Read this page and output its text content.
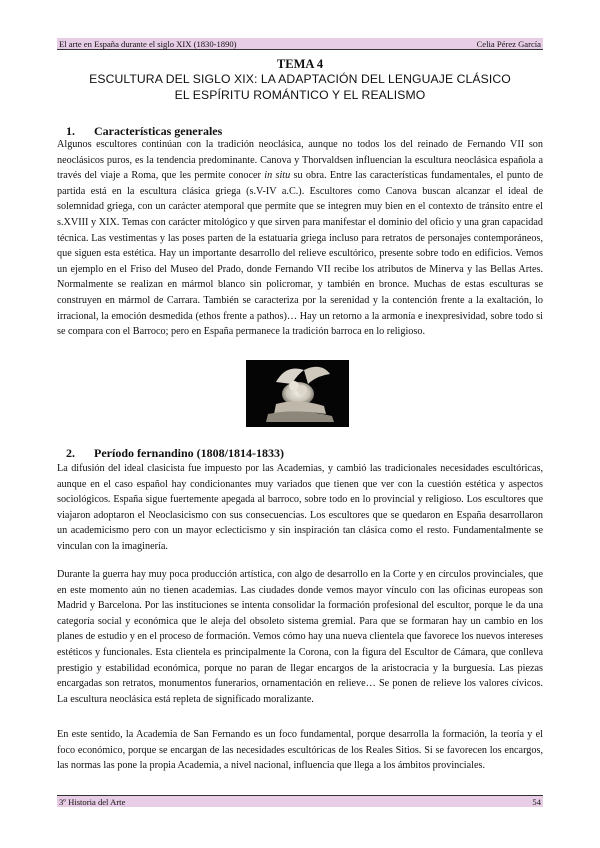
El arte en España durante el siglo XIX (1830-1890)	Celia Pérez García
TEMA 4
ESCULTURA DEL SIGLO XIX: LA ADAPTACIÓN DEL LENGUAJE CLÁSICO
EL ESPÍRITU ROMÁNTICO Y EL REALISMO
1.	Características generales

Algunos escultores continúan con la tradición neoclásica, aunque no todos los del reinado de Fernando VII son neoclásicos puros, es la tendencia predominante. Canova y Thorvaldsen influencian la escultura neoclásica española a través del viaje a Roma, que les permite conocer in situ su obra. Entre las características fundamentales, el punto de partida está en la escultura clásica griega (s.V-IV a.C.). Escultores como Canova buscan alcanzar el ideal de solemnidad griega, con un carácter atemporal que permite que se integren muy bien en el contexto de tránsito entre el s.XVIII y XIX. Temas con carácter mitológico y que sirven para manifestar el dominio del oficio y una gran capacidad técnica. Las vestimentas y las poses parten de la estatuaria griega incluso para retratos de personajes contemporáneos, que siguen esta estética. Hay un importante desarrollo del relieve escultórico, presente sobre todo en edificios. Vemos un ejemplo en el Friso del Museo del Prado, donde Fernando VII recibe los atributos de Minerva y las Bellas Artes. Normalmente se realizan en mármol blanco sin policromar, y también en bronce. Muchas de estas esculturas se construyen en mármol de Carrara. También se caracteriza por la serenidad y la contención frente a la exaltación, lo irracional, la emoción desmedida (ethos frente a pathos)… Hay un retorno a la armonía e inexpresividad, sobre todo si se compara con el Barroco; pero en España permanece la tradición barroca en lo religioso.

2.	Período fernandino (1808/1814-1833)

La difusión del ideal clasicista fue impuesto por las Academias, y cambió las tradicionales necesidades escultóricas, aunque en el caso español hay condicionantes muy variados que tienen que ver con la cuestión estética y aspectos sociológicos. España sigue fuertemente apegada al barroco, sobre todo en lo provincial y religioso. Los escultores que viajaron adoptaron el Neoclasicismo con sus consecuencias. Los escultores que se quedaron en España desarrollaron un academicismo pero con un mayor eclecticismo y sin inspiración tan clásica como el resto. Fundamentalmente se vinculan con la imaginería.

Durante la guerra hay muy poca producción artística, con algo de desarrollo en la Corte y en círculos provinciales, que en este momento aún no tienen academias. Las ciudades donde vemos mayor vínculo con las oficinas europeas son Madrid y Barcelona. Por las instituciones se intenta consolidar la formación profesional del escultor, porque le da una categoría social y económica que le aleja del obsoleto sistema gremial. Para que se formaran hay un cambio en los planes de estudio y en el proceso de formación. Vemos cómo hay una nueva clientela que favorece los nuevos intereses estéticos y funcionales. Esta clientela es principalmente la Corona, con la figura del Escultor de Cámara, que conlleva prestigio y estabilidad económica, porque no paran de llegar encargos de la aristocracia y la burguesía. Las piezas encargadas son retratos, monumentos funerarios, ornamentación en relieve… Se ponen de relieve los valores cívicos. La escultura neoclásica está repleta de significado moralizante.

En este sentido, la Academia de San Fernando es un foco fundamental, porque desarrolla la formación, la teoría y el foco económico, porque se encargan de las necesidades escultóricas de los Reales Sitios. Si se favorecen los encargos, las normas las pone la propia Academia, a nivel nacional, influencia que llega a los ámbitos provinciales.

3º Historia del Arte	54
